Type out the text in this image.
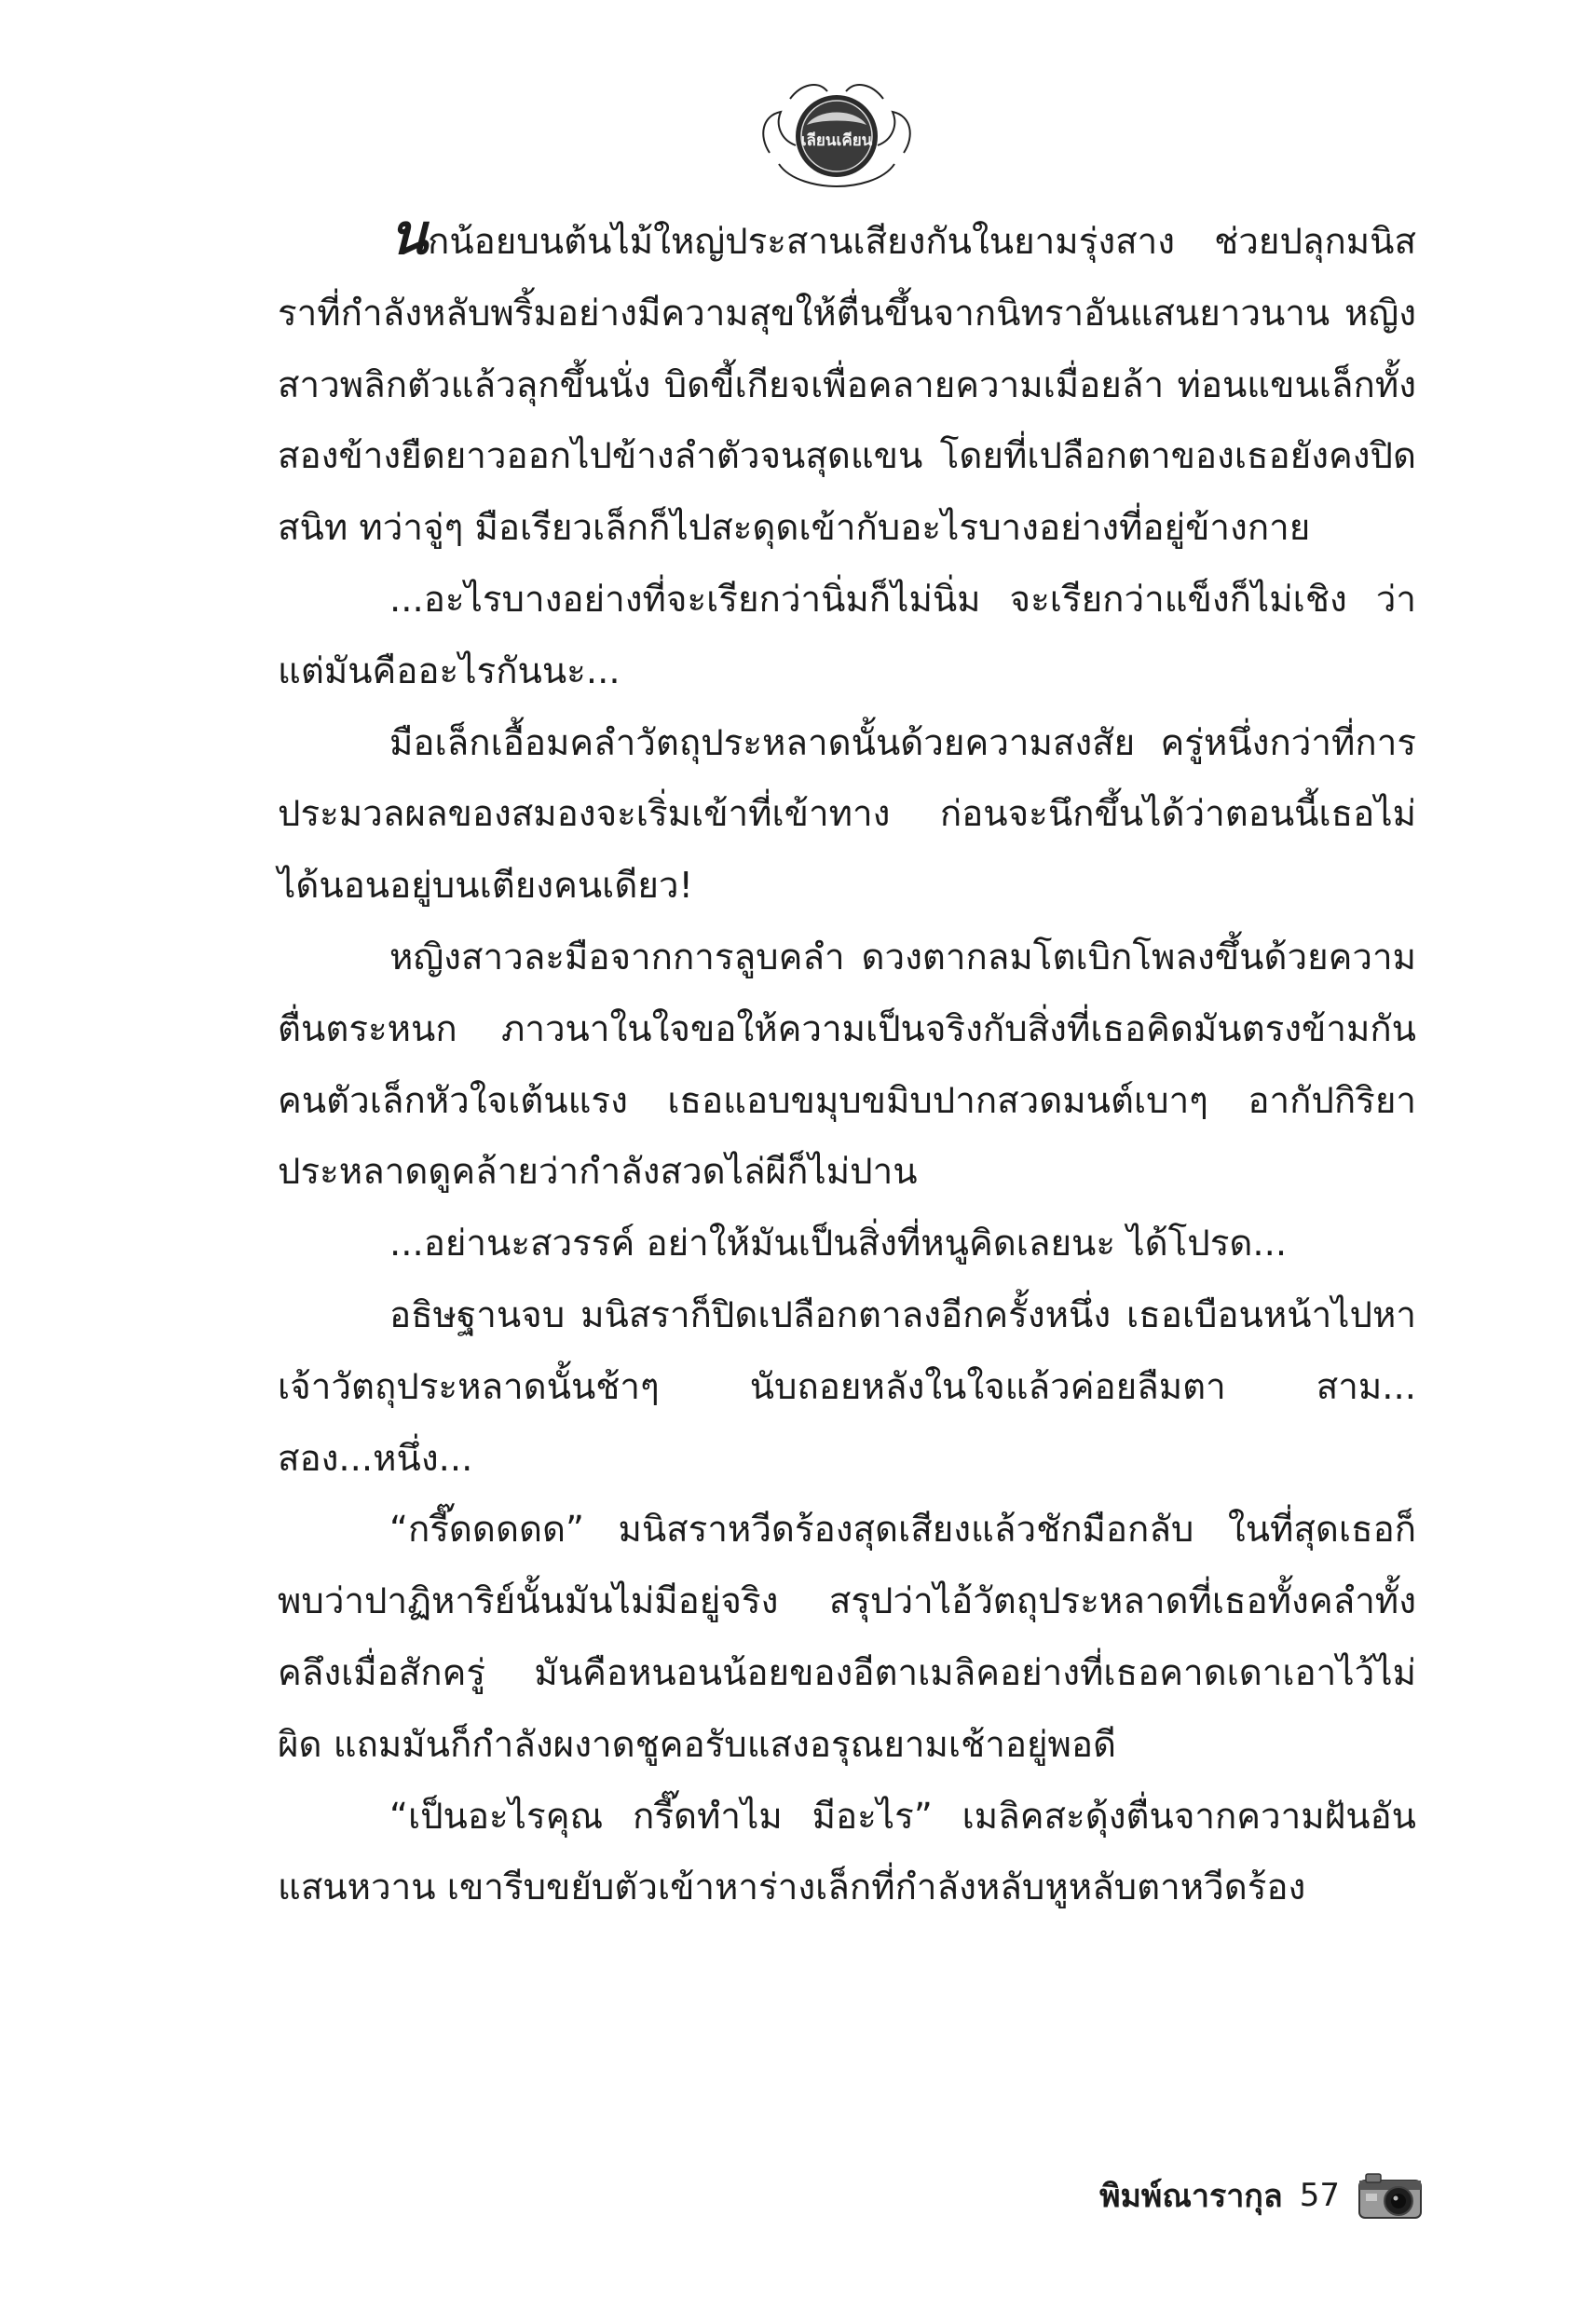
เลียนเคียน

นกน้อยบนต้นไม้ใหญ่ประสานเสียงกันในยามรุ่งสาง ช่วยปลุกมนิสราที่กำลังหลับพริ้มอย่างมีความสุขให้ตื่นขึ้นจากนิทราอันแสนยาวนาน หญิงสาวพลิกตัวแล้วลุกขึ้นนั่ง บิดขี้เกียจเพื่อคลายความเมื่อยล้า ท่อนแขนเล็กทั้งสองข้างยืดยาวออกไปข้างลำตัวจนสุดแขน โดยที่เปลือกตาของเธอยังคงปิดสนิท ทว่าจู่ๆ มือเรียวเล็กก็ไปสะดุดเข้ากับอะไรบางอย่างที่อยู่ข้างกาย

...อะไรบางอย่างที่จะเรียกว่านิ่มก็ไม่นิ่ม จะเรียกว่าแข็งก็ไม่เชิง ว่าแต่มันคืออะไรกันนะ...

มือเล็กเอื้อมคลำวัตถุประหลาดนั้นด้วยความสงสัย ครู่หนึ่งกว่าที่การประมวลผลของสมองจะเริ่มเข้าที่เข้าทาง ก่อนจะนึกขึ้นได้ว่าตอนนี้เธอไม่ได้นอนอยู่บนเตียงคนเดียว!

หญิงสาวละมือจากการลูบคลำ ดวงตากลมโตเบิกโพลงขึ้นด้วยความตื่นตระหนก ภาวนาในใจขอให้ความเป็นจริงกับสิ่งที่เธอคิดมันตรงข้ามกัน คนตัวเล็กหัวใจเต้นแรง เธอแอบขมุบขมิบปากสวดมนต์เบาๆ อากัปกิริยาประหลาดดูคล้ายว่ากำลังสวดไล่ผีก็ไม่ปาน

...อย่านะสวรรค์ อย่าให้มันเป็นสิ่งที่หนูคิดเลยนะ ได้โปรด...

อธิษฐานจบ มนิสราก็ปิดเปลือกตาลงอีกครั้งหนึ่ง เธอเบือนหน้าไปหาเจ้าวัตถุประหลาดนั้นช้าๆ นับถอยหลังในใจแล้วค่อยลืมตา สาม... สอง...หนึ่ง...

“กรี๊ดดดดด” มนิสราหวีดร้องสุดเสียงแล้วชักมือกลับ ในที่สุดเธอก็พบว่าปาฏิหาริย์นั้นมันไม่มีอยู่จริง สรุปว่าไอ้วัตถุประหลาดที่เธอทั้งคลำทั้งคลึงเมื่อสักครู่ มันคือหนอนน้อยของอีตาเมลิคอย่างที่เธอคาดเดาเอาไว้ไม่ผิด แถมมันก็กำลังผงาดชูคอรับแสงอรุณยามเช้าอยู่พอดี

“เป็นอะไรคุณ กรี๊ดทำไม มีอะไร” เมลิคสะดุ้งตื่นจากความฝันอันแสนหวาน เขารีบขยับตัวเข้าหาร่างเล็กที่กำลังหลับหูหลับตาหวีดร้อง

พิมพ์ณารากุล 57
